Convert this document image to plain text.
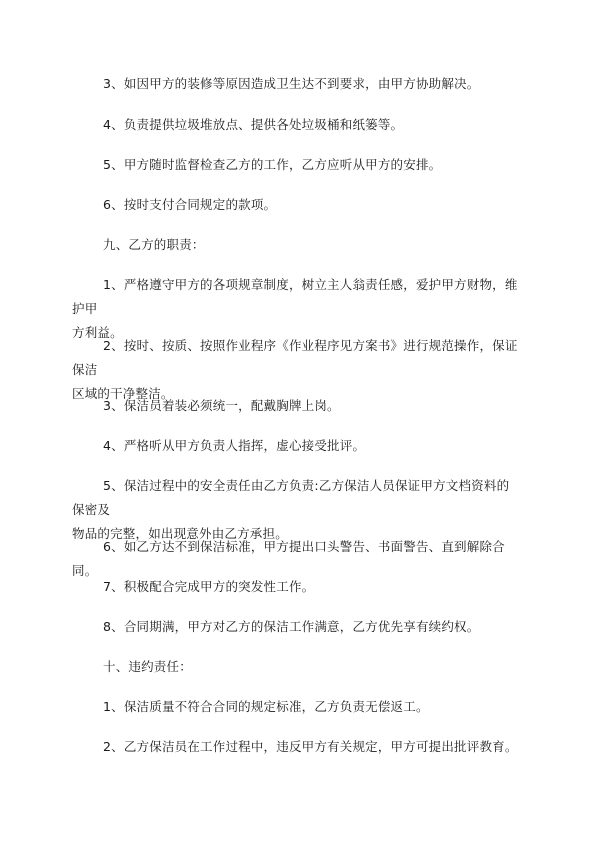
3、如因甲方的装修等原因造成卫生达不到要求，由甲方协助解决。

4、负责提供垃圾堆放点、提供各处垃圾桶和纸篓等。

5、甲方随时监督检查乙方的工作，乙方应听从甲方的安排。

6、按时支付合同规定的款项。

九、乙方的职责：

1、严格遵守甲方的各项规章制度，树立主人翁责任感，爱护甲方财物，维护甲
方利益。

2、按时、按质、按照作业程序《作业程序见方案书》进行规范操作，保证保洁
区域的干净整洁。

3、保洁员着装必须统一，配戴胸牌上岗。

4、严格听从甲方负责人指挥，虚心接受批评。

5、保洁过程中的安全责任由乙方负责:乙方保洁人员保证甲方文档资料的保密及
物品的完整，如出现意外由乙方承担。

6、如乙方达不到保洁标准，甲方提出口头警告、书面警告、直到解除合同。

7、积极配合完成甲方的突发性工作。

8、合同期满，甲方对乙方的保洁工作满意，乙方优先享有续约权。

十、违约责任：

1、保洁质量不符合合同的规定标准，乙方负责无偿返工。

2、乙方保洁员在工作过程中，违反甲方有关规定，甲方可提出批评教育。
